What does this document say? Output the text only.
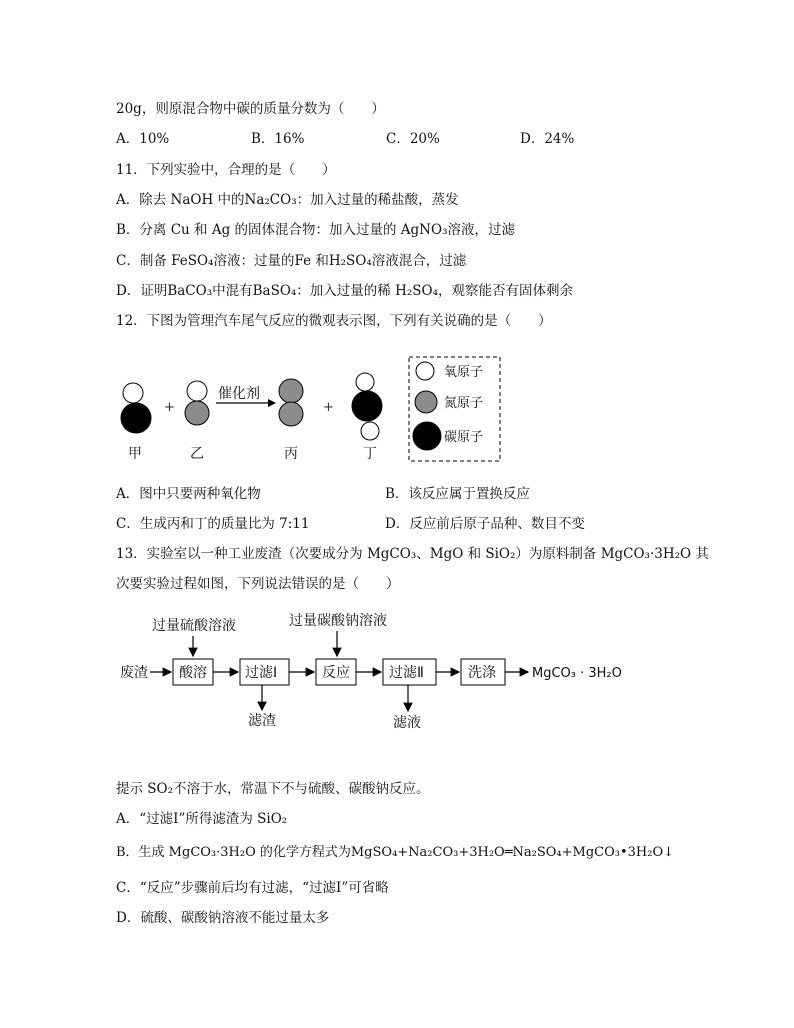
20g，则原混合物中碳的质量分数为（　　）
A．10%	B．16%	C．20%	D．24%
11．下列实验中，合理的是（　　）
A．除去 NaOH 中的Na₂CO₃：加入过量的稀盐酸，蒸发
B．分离 Cu 和 Ag 的固体混合物：加入过量的 AgNO₃溶液，过滤
C．制备 FeSO₄溶液：过量的Fe 和H₂SO₄溶液混合，过滤
D．证明BaCO₃中混有BaSO₄：加入过量的稀 H₂SO₄，观察能否有固体剩余
12．下图为管理汽车尾气反应的微观表示图，下列有关说确的是（　　）
+
催化剂
+
甲	乙	丙	丁
氧原子
氮原子
碳原子
A．图中只要两种氧化物	B．该反应属于置换反应
C．生成丙和丁的质量比为 7:11	D．反应前后原子品种、数目不变
13．实验室以一种工业废渣（次要成分为 MgCO₃、MgO 和 SiO₂）为原料制备 MgCO₃·3H₂O 其
次要实验过程如图，下列说法错误的是（　　）
过量硫酸溶液	过量碳酸钠溶液
废渣 酸溶	过滤Ⅰ	反应	过滤Ⅱ	洗涤	MgCO₃ · 3H₂O
滤渣	滤液
提示 SO₂不溶于水，常温下不与硫酸、碳酸钠反应。
A．“过滤Ⅰ”所得滤渣为 SiO₂
B．生成 MgCO₃·3H₂O 的化学方程式为MgSO₄+Na₂CO₃+3H₂O═Na₂SO₄+MgCO₃•3H₂O↓
C．“反应”步骤前后均有过滤，“过滤Ⅰ”可省略
D．硫酸、碳酸钠溶液不能过量太多
